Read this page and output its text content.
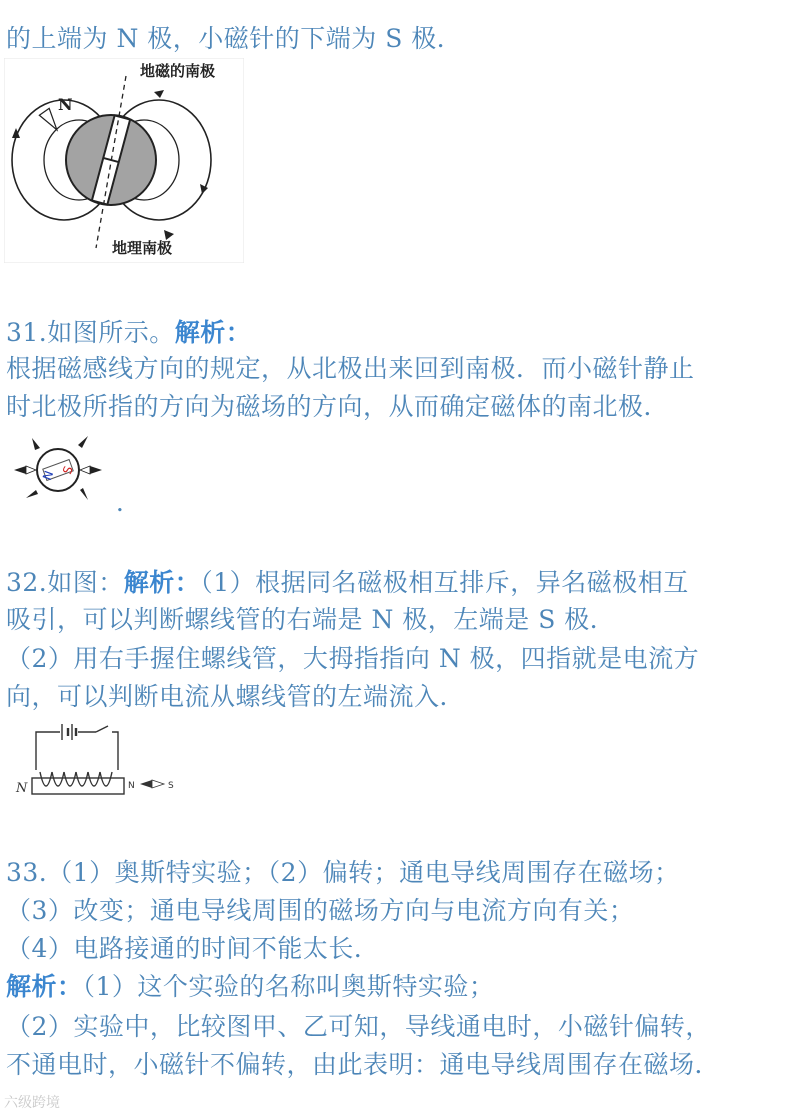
的上端为 N 极，小磁针的下端为 S 极．
N
地磁的南极
地理南极
31.如图所示。解析：
根据磁感线方向的规定，从北极出来回到南极．而小磁针静止
时北极所指的方向为磁场的方向，从而确定磁体的南北极．
N S
．
32.如图：解析：（1）根据同名磁极相互排斥，异名磁极相互
吸引，可以判断螺线管的右端是 N 极，左端是 S 极．
（2）用右手握住螺线管，大拇指指向 N 极，四指就是电流方
向，可以判断电流从螺线管的左端流入．
N	N	S
33.（1）奥斯特实验；（2）偏转；通电导线周围存在磁场；
（3）改变；通电导线周围的磁场方向与电流方向有关；
（4）电路接通的时间不能太长．
解析：（1）这个实验的名称叫奥斯特实验；
（2）实验中，比较图甲、乙可知，导线通电时，小磁针偏转，
不通电时，小磁针不偏转，由此表明：通电导线周围存在磁场．
六级跨境
